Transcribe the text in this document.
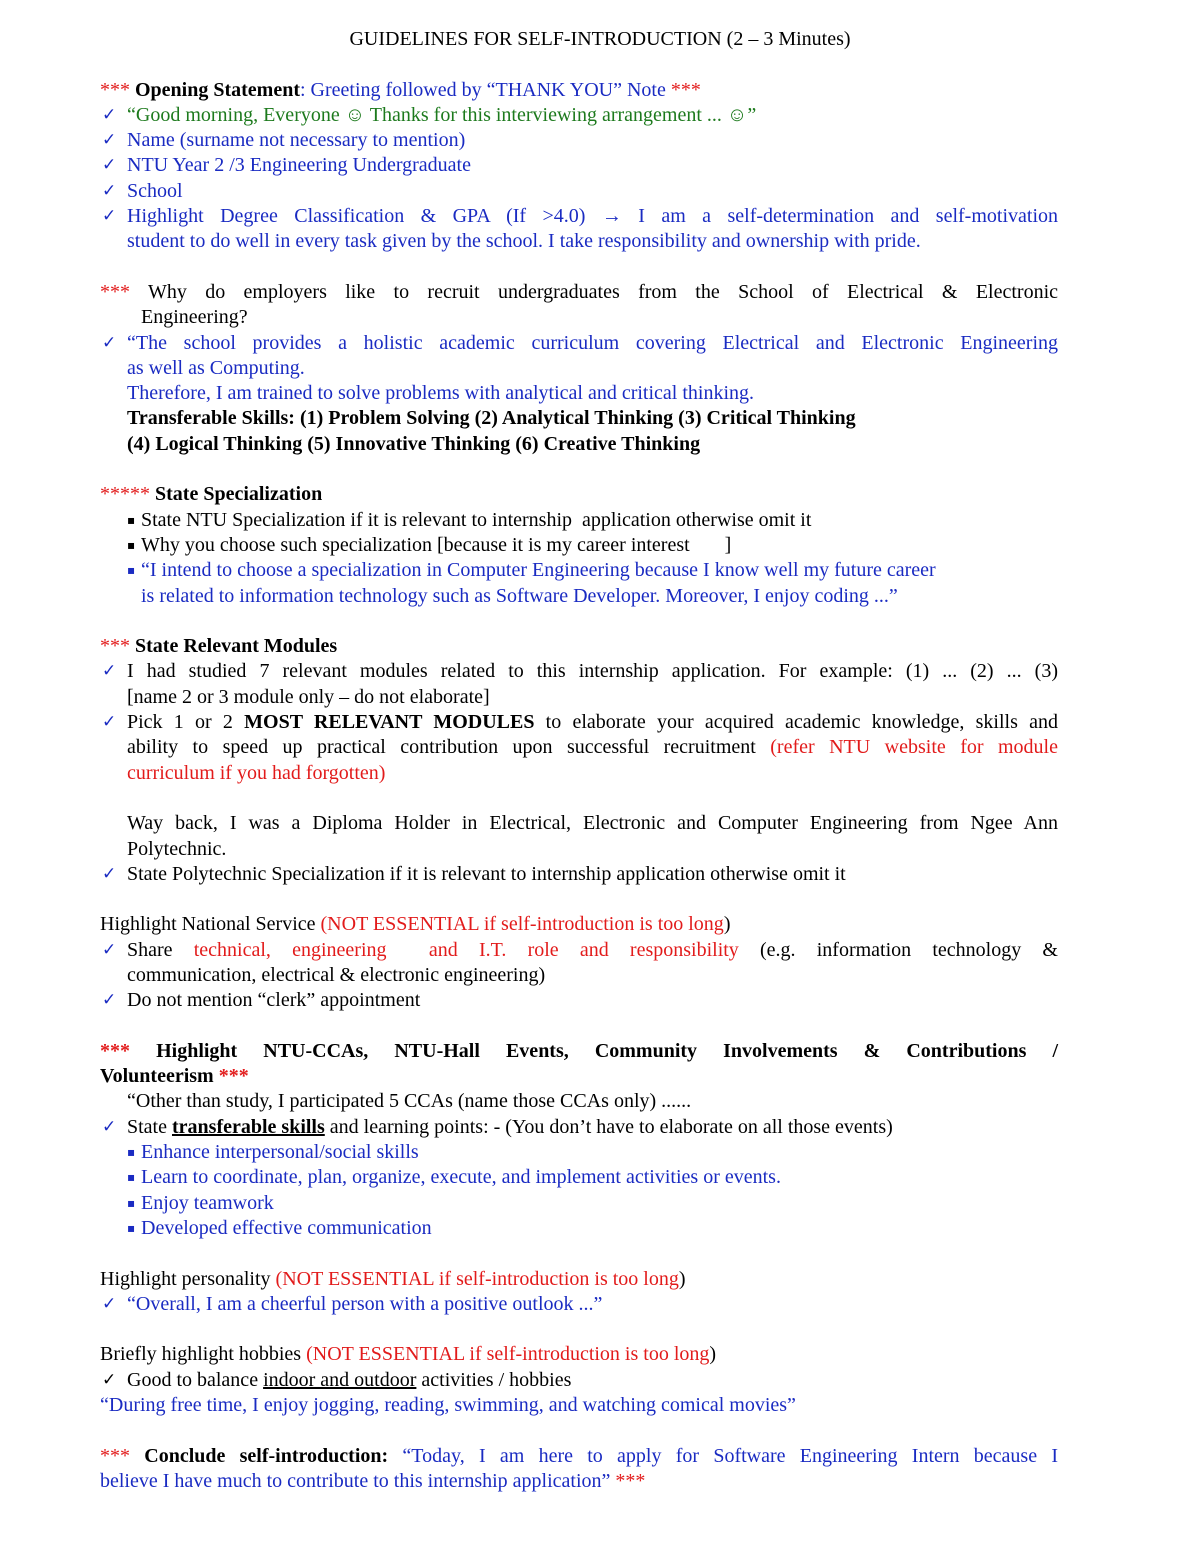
GUIDELINES FOR SELF-INTRODUCTION (2 – 3 Minutes)
*** Opening Statement: Greeting followed by “THANK YOU” Note ***
✓ “Good morning, Everyone ☺ Thanks for this interviewing arrangement ... ☺”
✓ Name (surname not necessary to mention)
✓ NTU Year 2 /3 Engineering Undergraduate
✓ School
✓ Highlight Degree Classification & GPA (If >4.0) → I am a self-determination and self-motivation
student to do well in every task given by the school. I take responsibility and ownership with pride.
*** Why do employers like to recruit undergraduates from the School of Electrical & Electronic
Engineering?
✓ “The school provides a holistic academic curriculum covering Electrical and Electronic Engineering
as well as Computing.
Therefore, I am trained to solve problems with analytical and critical thinking.
Transferable Skills: (1) Problem Solving (2) Analytical Thinking (3) Critical Thinking
(4) Logical Thinking (5) Innovative Thinking (6) Creative Thinking
***** State Specialization
▪ State NTU Specialization if it is relevant to internship  application otherwise omit it
▪ Why you choose such specialization [because it is my career interest       ]
▪ “I intend to choose a specialization in Computer Engineering because I know well my future career
is related to information technology such as Software Developer. Moreover, I enjoy coding ...”
*** State Relevant Modules
✓ I had studied 7 relevant modules related to this internship application. For example: (1) ... (2) ... (3)
[name 2 or 3 module only – do not elaborate]
✓ Pick 1 or 2 MOST RELEVANT MODULES to elaborate your acquired academic knowledge, skills and
ability to speed up practical contribution upon successful recruitment (refer NTU website for module
curriculum if you had forgotten)
Way back, I was a Diploma Holder in Electrical, Electronic and Computer Engineering from Ngee Ann
Polytechnic.
✓ State Polytechnic Specialization if it is relevant to internship application otherwise omit it
Highlight National Service (NOT ESSENTIAL if self-introduction is too long)
✓ Share technical, engineering  and I.T. role and responsibility (e.g. information technology &
communication, electrical & electronic engineering)
✓ Do not mention “clerk” appointment
*** Highlight NTU-CCAs, NTU-Hall Events, Community Involvements & Contributions /
Volunteerism ***
“Other than study, I participated 5 CCAs (name those CCAs only) ......
✓ State transferable skills and learning points: - (You don’t have to elaborate on all those events)
▪ Enhance interpersonal/social skills
▪ Learn to coordinate, plan, organize, execute, and implement activities or events.
▪ Enjoy teamwork
▪ Developed effective communication
Highlight personality (NOT ESSENTIAL if self-introduction is too long)
✓ “Overall, I am a cheerful person with a positive outlook ...”
Briefly highlight hobbies (NOT ESSENTIAL if self-introduction is too long)
✓ Good to balance indoor and outdoor activities / hobbies
“During free time, I enjoy jogging, reading, swimming, and watching comical movies”
*** Conclude self-introduction: “Today, I am here to apply for Software Engineering Intern because I
believe I have much to contribute to this internship application” ***
